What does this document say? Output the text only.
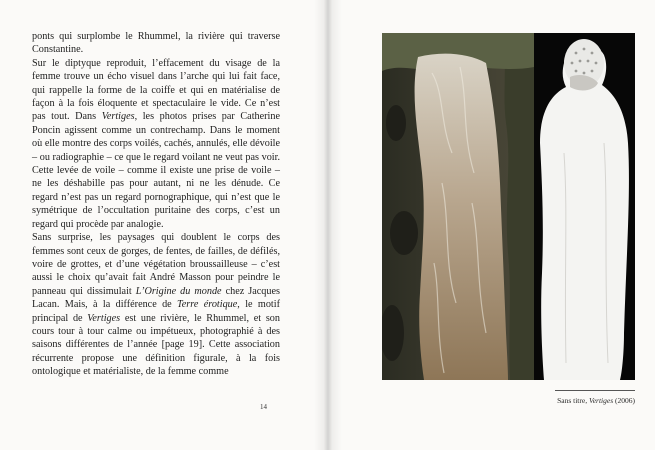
ponts qui surplombe le Rhummel, la rivière qui traverse Constantine.

Sur le diptyque reproduit, l’effacement du visage de la femme trouve un écho visuel dans l’arche qui lui fait face, qui rappelle la forme de la coiffe et qui en matérialise de façon à la fois éloquente et spectaculaire le vide. Ce n’est pas tout. Dans Vertiges, les photos prises par Catherine Poncin agissent comme un contrechamp. Dans le moment où elle montre des corps voilés, cachés, annulés, elle dévoile – ou radiographie – ce que le regard voilant ne veut pas voir. Cette levée de voile – comme il existe une prise de voile – ne les déshabille pas pour autant, ni ne les dénude. Ce regard n’est pas un regard pornographique, qui n’est que le symétrique de l’occultation puritaine des corps, c’est un regard qui procède par analogie.

Sans surprise, les paysages qui doublent le corps des femmes sont ceux de gorges, de fentes, de failles, de défilés, voire de grottes, et d’une végétation broussailleuse – c’est aussi le choix qu’avait fait André Masson pour peindre le panneau qui dissimulait L’Origine du monde chez Jacques Lacan. Mais, à la différence de Terre érotique, le motif principal de Vertiges est une rivière, le Rhummel, et son cours tour à tour calme ou impétueux, photographié à des saisons différentes de l’année [page 19]. Cette association récurrente propose une définition figurale, à la fois ontologique et matérialiste, de la femme comme

14
Sans titre, Vertiges (2006)
